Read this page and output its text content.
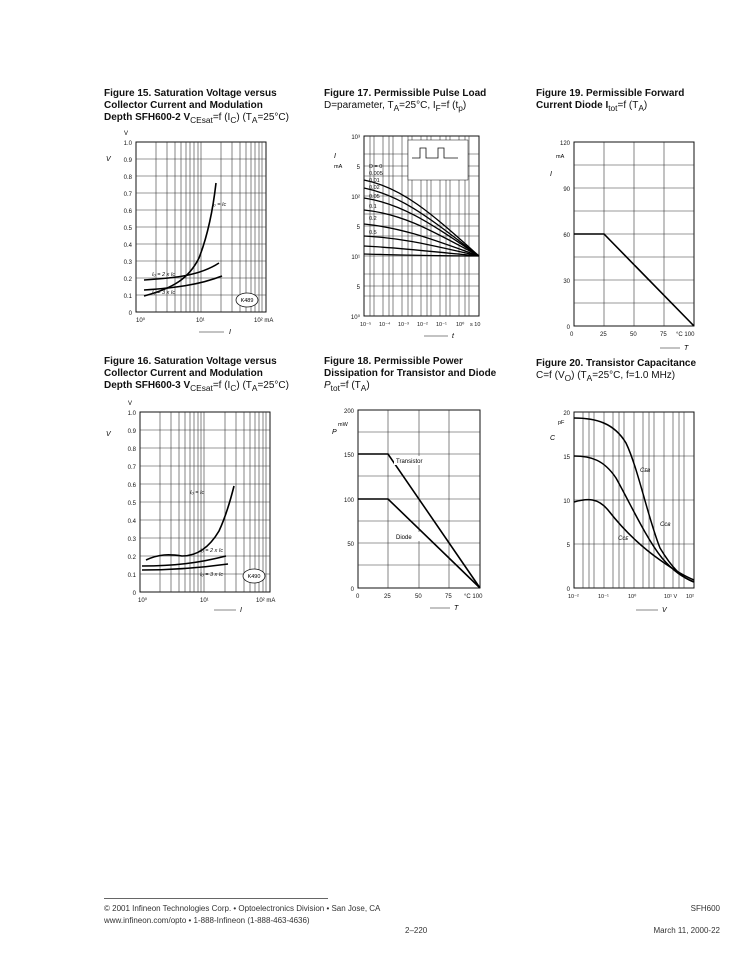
Figure 15. Saturation Voltage versus
Collector Current and Modulation
Depth SFH600-2 $V_{CEsat}=f$ $(I_C)$ $(T_A=25^\circ C)$
1.0
0.9
0.8
0.7
0.6
0.5
0.4
0.3
0.2
0.1
0
V
V
10⁰	10¹	10² mA
I
Iₒ = Iᴄ
Iₒ = 2 x Iᴄ
Iₒ = 3 x Iᴄ
K489
Figure 16. Saturation Voltage versus
Collector Current and Modulation
Depth SFH600-3 $V_{CEsat}=f$ $(I_C)$ $(T_A=25^\circ C)$
1.0
0.9
0.8
0.7
0.6
0.5
0.4
0.3
0.2
0.1
0
V
V
10⁰	10¹	10² mA
I
Iₒ = Iᴄ
Iₒ = 2 x Iᴄ
Iₒ = 3 x Iᴄ	K490
Figure 17. Permissible Pulse Load
D=parameter, $T_A=25^\circ C$, $I_F=f$ $(t_p)$
D = 0
0.005
0.01
0.02
0.05
0.1
0.2
0.5
10³
5
10²
5
10¹
5
10⁰
I
mA
10⁻⁵ 10⁻⁴ 10⁻³ 10⁻² 10⁻¹ 10⁰ s 10
t
Figure 18. Permissible Power
Dissipation for Transistor and Diode
$P_{tot}=f$ $(T_A)$
Transistor
Diode
200
150
100
50
0
P
mW
0	25	50	75 °C 100
T
Figure 19. Permissible Forward
Current Diode $I_{tot}=f$ $(T_A)$
120
90
60
30
0
I
mA
0	25	50	75 °C 100
T
Figure 20. Transistor Capacitance
C=f $(V_O)$ ($T_A=25^\circ C$, f=1.0 MHz)
Cᴇʙ
Cᴄʙ
Cᴄᴇ
20
15
10
5
0
C
pF
10⁻²	10⁻¹	10⁰	10¹ V 10²
V
© 2001 Infineon Technologies Corp. • Optoelectronics Division • San Jose, CA
www.infineon.com/opto • 1-888-Infineon (1-888-463-4636)
2–220
SFH600
March 11, 2000-22
